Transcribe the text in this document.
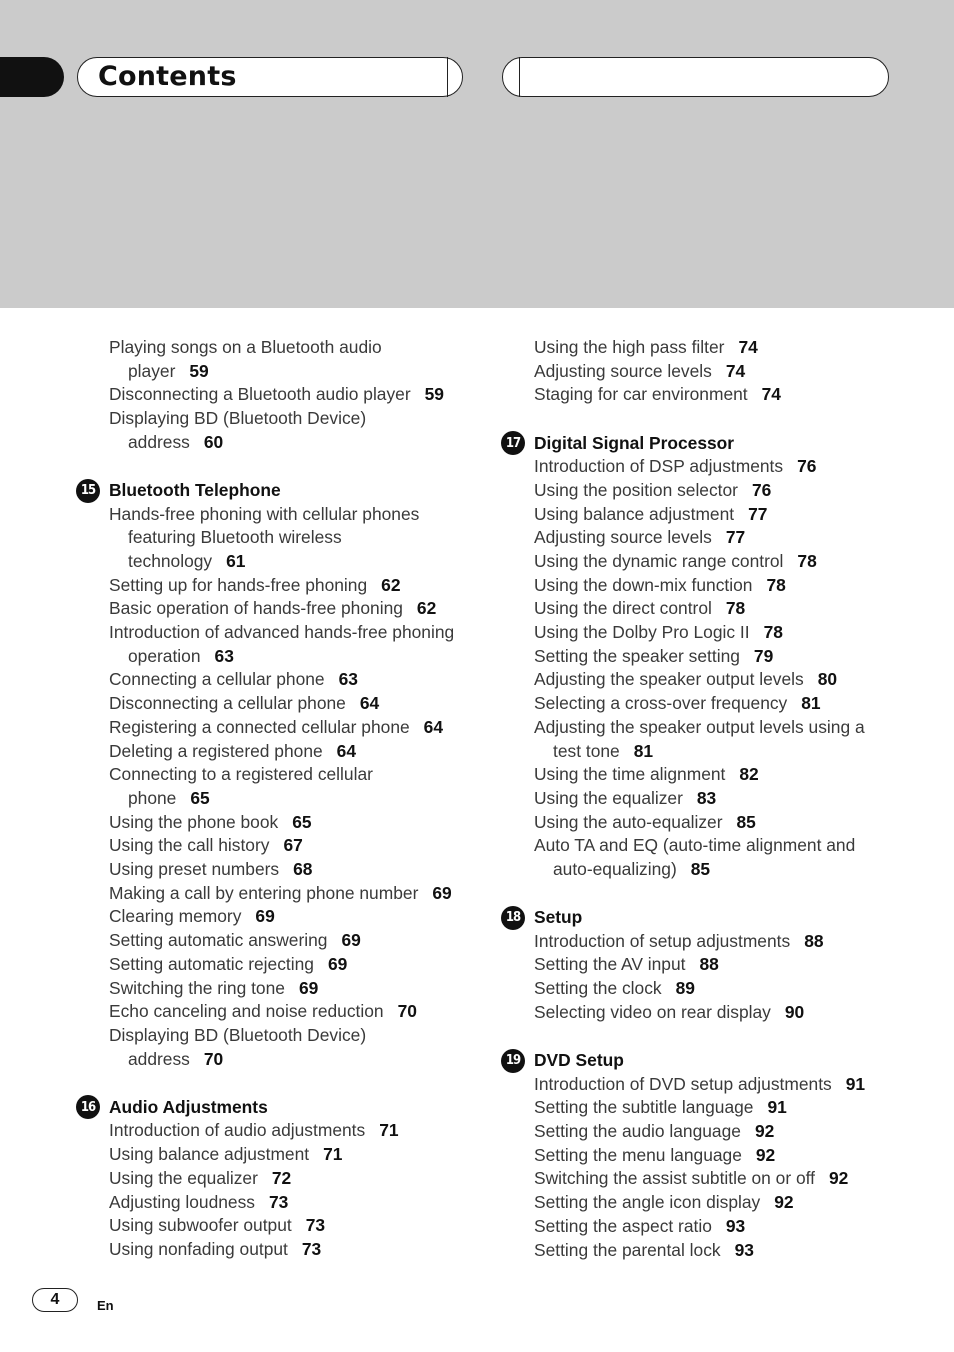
Contents
Playing songs on a Bluetooth audio
player 59
Disconnecting a Bluetooth audio player 59
Displaying BD (Bluetooth Device)
address 60
15 Bluetooth Telephone
Hands-free phoning with cellular phones
featuring Bluetooth wireless
technology 61
Setting up for hands-free phoning 62
Basic operation of hands-free phoning 62
Introduction of advanced hands-free phoning
operation 63
Connecting a cellular phone 63
Disconnecting a cellular phone 64
Registering a connected cellular phone 64
Deleting a registered phone 64
Connecting to a registered cellular
phone 65
Using the phone book 65
Using the call history 67
Using preset numbers 68
Making a call by entering phone number 69
Clearing memory 69
Setting automatic answering 69
Setting automatic rejecting 69
Switching the ring tone 69
Echo canceling and noise reduction 70
Displaying BD (Bluetooth Device)
address 70
16 Audio Adjustments
Introduction of audio adjustments 71
Using balance adjustment 71
Using the equalizer 72
Adjusting loudness 73
Using subwoofer output 73
Using nonfading output 73
Using the high pass filter 74
Adjusting source levels 74
Staging for car environment 74
17 Digital Signal Processor
Introduction of DSP adjustments 76
Using the position selector 76
Using balance adjustment 77
Adjusting source levels 77
Using the dynamic range control 78
Using the down-mix function 78
Using the direct control 78
Using the Dolby Pro Logic II 78
Setting the speaker setting 79
Adjusting the speaker output levels 80
Selecting a cross-over frequency 81
Adjusting the speaker output levels using a
test tone 81
Using the time alignment 82
Using the equalizer 83
Using the auto-equalizer 85
Auto TA and EQ (auto-time alignment and
auto-equalizing) 85
18 Setup
Introduction of setup adjustments 88
Setting the AV input 88
Setting the clock 89
Selecting video on rear display 90
19 DVD Setup
Introduction of DVD setup adjustments 91
Setting the subtitle language 91
Setting the audio language 92
Setting the menu language 92
Switching the assist subtitle on or off 92
Setting the angle icon display 92
Setting the aspect ratio 93
Setting the parental lock 93
4	En
